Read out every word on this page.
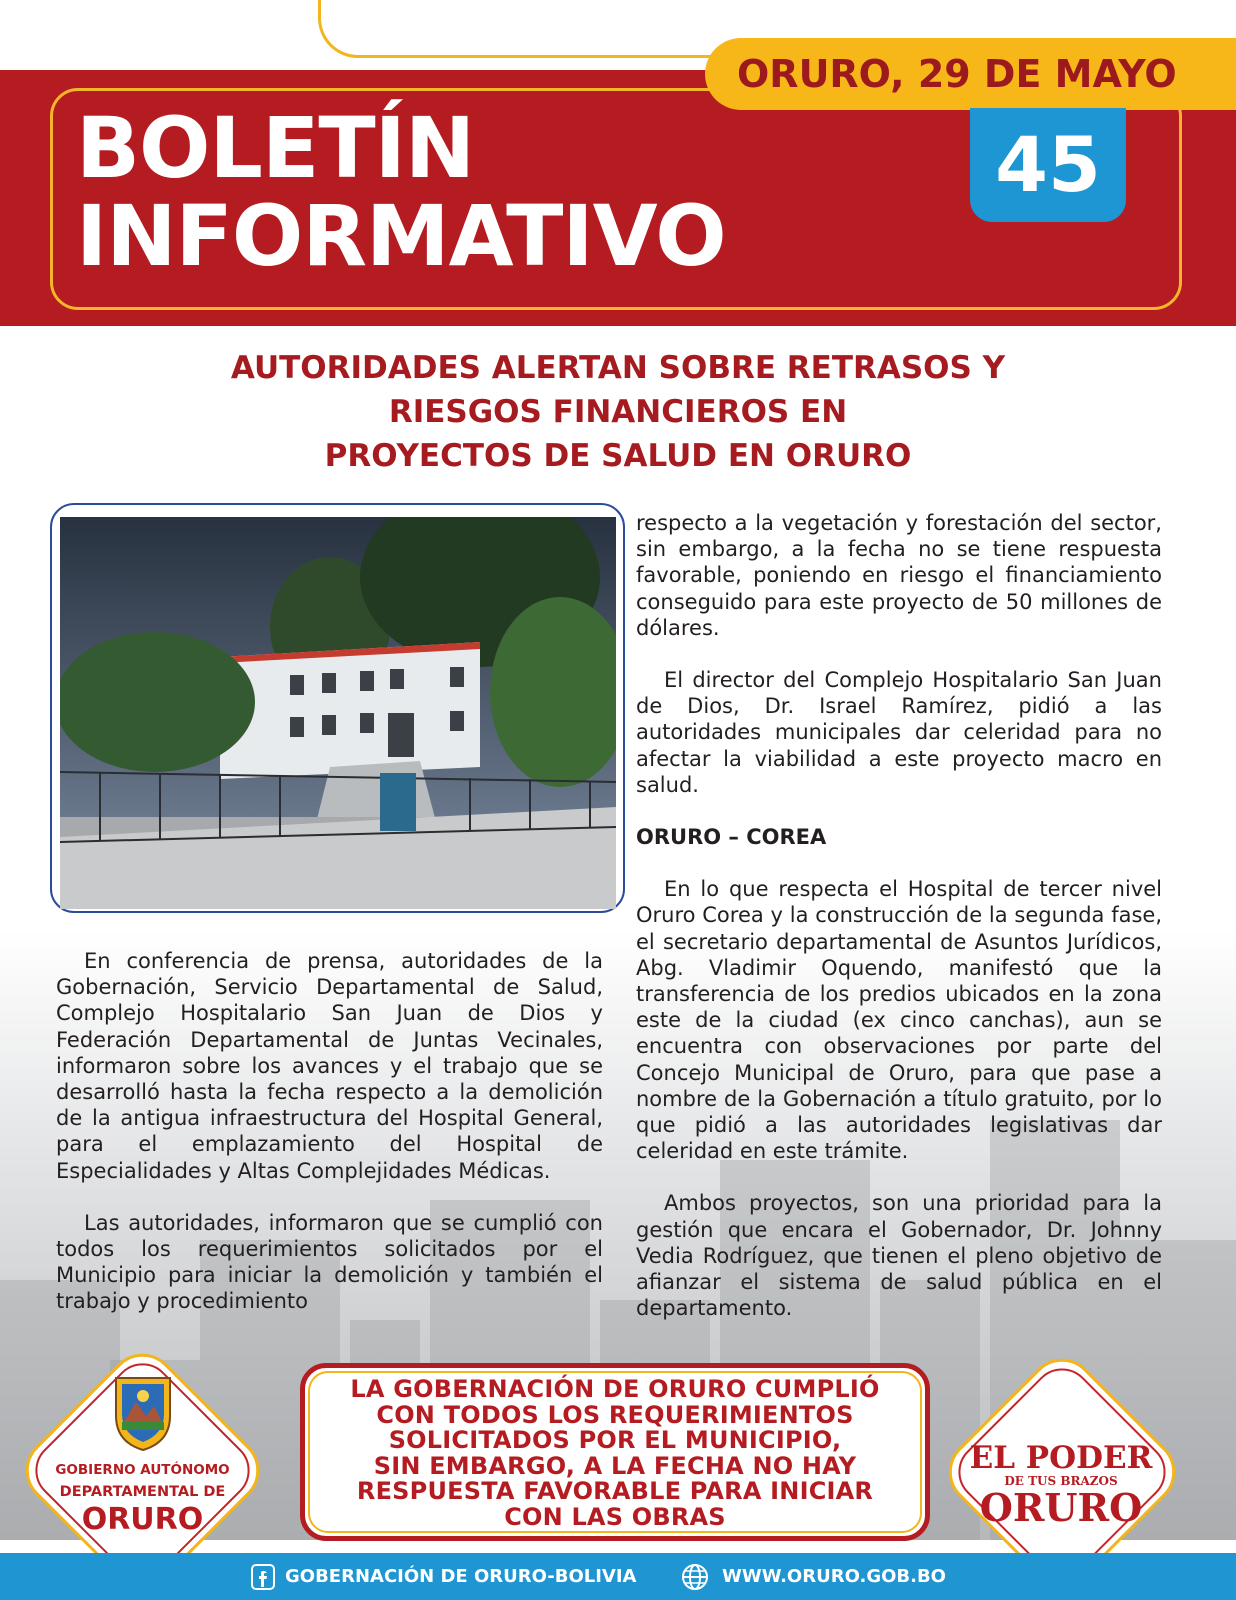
BOLETÍN
INFORMATIVO
ORURO, 29 DE MAYO
45
AUTORIDADES ALERTAN SOBRE RETRASOS Y
RIESGOS FINANCIEROS EN
PROYECTOS DE SALUD EN ORURO

En conferencia de prensa, autoridades de la Gobernación, Servicio Departamental de Salud, Complejo Hospitalario San Juan de Dios y Federación Departamental de Juntas Vecinales, informaron sobre los avances y el trabajo que se desarrolló hasta la fecha respecto a la demolición de la antigua infraestructura del Hospital General, para el emplazamiento del Hospital de Especialidades y Altas Complejidades Médicas.

Las autoridades, informaron que se cumplió con todos los requerimientos solicitados por el Municipio para iniciar la demolición y también el trabajo y procedimiento

respecto a la vegetación y forestación del sector, sin embargo, a la fecha no se tiene respuesta favorable, poniendo en riesgo el financiamiento conseguido para este proyecto de 50 millones de dólares.

El director del Complejo Hospitalario San Juan de Dios, Dr. Israel Ramírez, pidió a las autoridades municipales dar celeridad para no afectar la viabilidad a este proyecto macro en salud.

ORURO – COREA

En lo que respecta el Hospital de tercer nivel Oruro Corea y la construcción de la segunda fase, el secretario departamental de Asuntos Jurídicos, Abg. Vladimir Oquendo, manifestó que la transferencia de los predios ubicados en la zona este de la ciudad (ex cinco canchas), aun se encuentra con observaciones por parte del Concejo Municipal de Oruro, para que pase a nombre de la Gobernación a título gratuito, por lo que pidió a las autoridades legislativas dar celeridad en este trámite.

Ambos proyectos, son una prioridad para la gestión que encara el Gobernador, Dr. Johnny Vedia Rodríguez, que tienen el pleno objetivo de afianzar el sistema de salud pública en el departamento.

GOBIERNO AUTÓNOMO
DEPARTAMENTAL DE
ORURO
LA GOBERNACIÓN DE ORURO CUMPLIÓ
CON TODOS LOS REQUERIMIENTOS
SOLICITADOS POR EL MUNICIPIO,
SIN EMBARGO, A LA FECHA NO HAY
RESPUESTA FAVORABLE PARA INICIAR
CON LAS OBRAS
EL PODER
DE TUS BRAZOS
ORURO
GOBERNACIÓN DE ORURO-BOLIVIA	WWW.ORURO.GOB.BO
